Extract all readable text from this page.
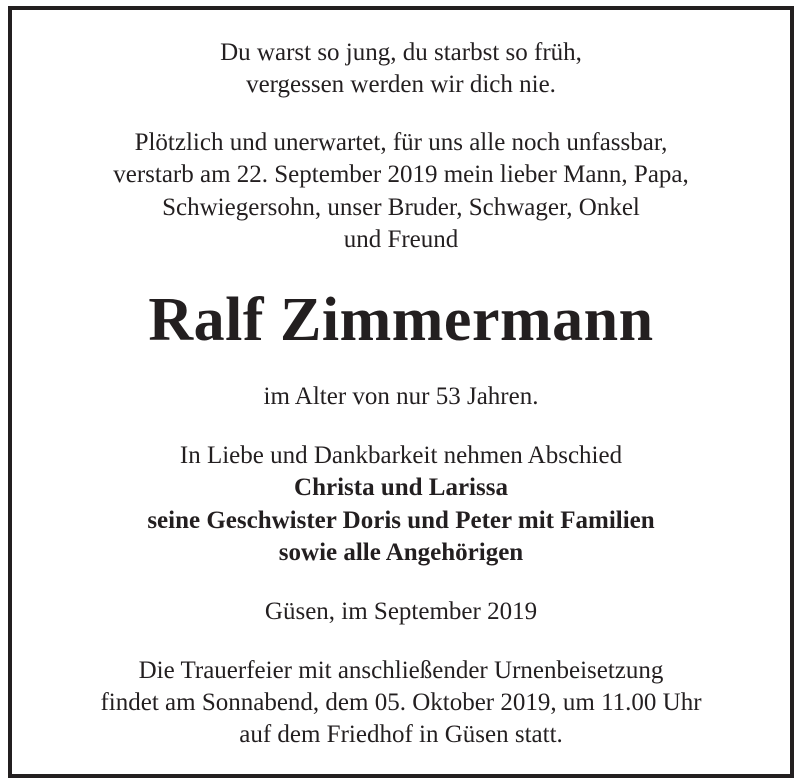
Du warst so jung, du starbst so früh,
vergessen werden wir dich nie.
Plötzlich und unerwartet, für uns alle noch unfassbar,
verstarb am 22. September 2019 mein lieber Mann, Papa,
Schwiegersohn, unser Bruder, Schwager, Onkel
und Freund
Ralf Zimmermann
im Alter von nur 53 Jahren.
In Liebe und Dankbarkeit nehmen Abschied
Christa und Larissa
seine Geschwister Doris und Peter mit Familien
sowie alle Angehörigen
Güsen, im September 2019
Die Trauerfeier mit anschließender Urnenbeisetzung
findet am Sonnabend, dem 05. Oktober 2019, um 11.00 Uhr
auf dem Friedhof in Güsen statt.
